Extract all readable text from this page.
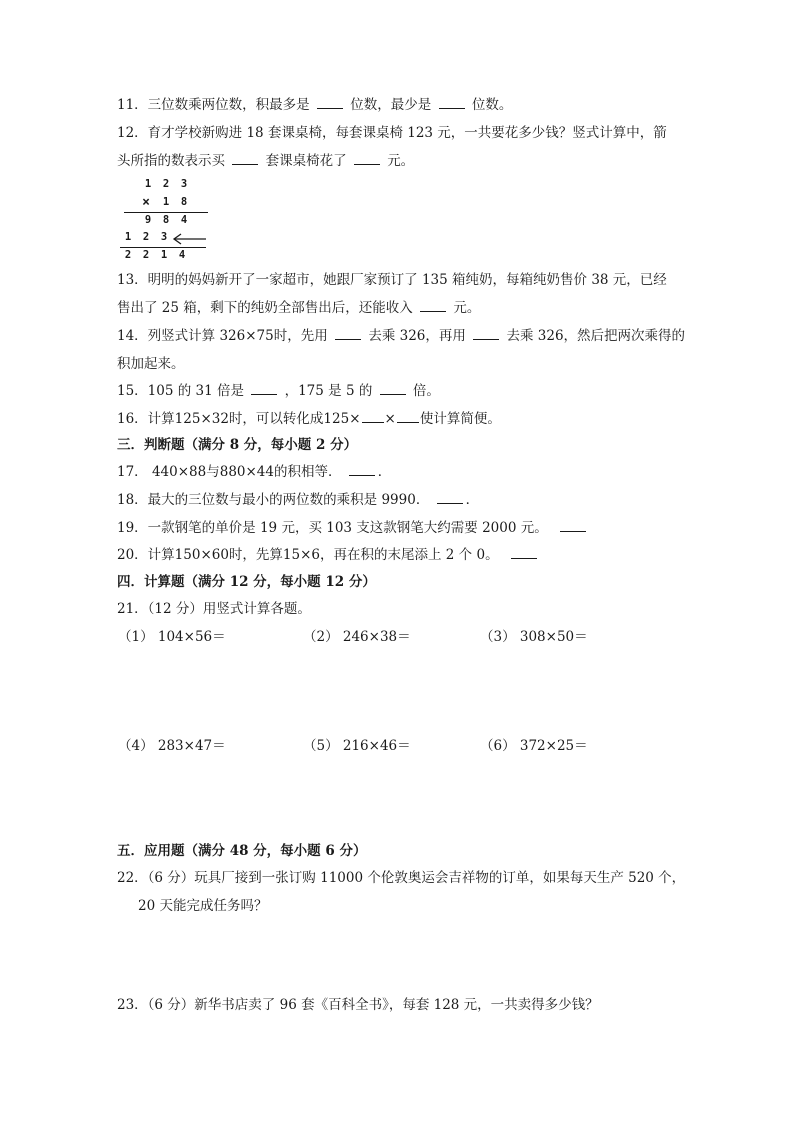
11．三位数乘两位数，积最多是	位数，最少是	位数。
12．育才学校新购进 18 套课桌椅，每套课桌椅 123 元，一共要花多少钱？竖式计算中，箭
头所指的数表示买	套课桌椅花了	元。
1 2 3
× 1 8
9 8 4
1 2 3
2 2 1 4
13．明明的妈妈新开了一家超市，她跟厂家预订了 135 箱纯奶，每箱纯奶售价 38 元，已经
售出了 25 箱，剩下的纯奶全部售出后，还能收入	元。
14．列竖式计算 326×75时，先用	去乘 326，再用	去乘 326，然后把两次乘得的
积加起来。
15．105 的 31 倍是	，175 是 5 的	倍。
16．计算125×32时，可以转化成125× × 使计算简便。
三．判断题（满分 8 分，每小题 2 分）
17． 440×88与880×44的积相等．	．
18．最大的三位数与最小的两位数的乘积是 9990．	．
19．一款钢笔的单价是 19 元，买 103 支这款钢笔大约需要 2000 元。
20．计算150×60时，先算15×6，再在积的末尾添上 2 个 0。
四．计算题（满分 12 分，每小题 12 分）
21．（12 分）用竖式计算各题。
（1） 104×56＝	（2） 246×38＝	（3） 308×50＝
（4） 283×47＝	（5） 216×46＝	（6） 372×25＝
五．应用题（满分 48 分，每小题 6 分）
22．（6 分）玩具厂接到一张订购 11000 个伦敦奥运会吉祥物的订单，如果每天生产 520 个，
20 天能完成任务吗？
23．（6 分）新华书店卖了 96 套《百科全书》，每套 128 元，一共卖得多少钱？
